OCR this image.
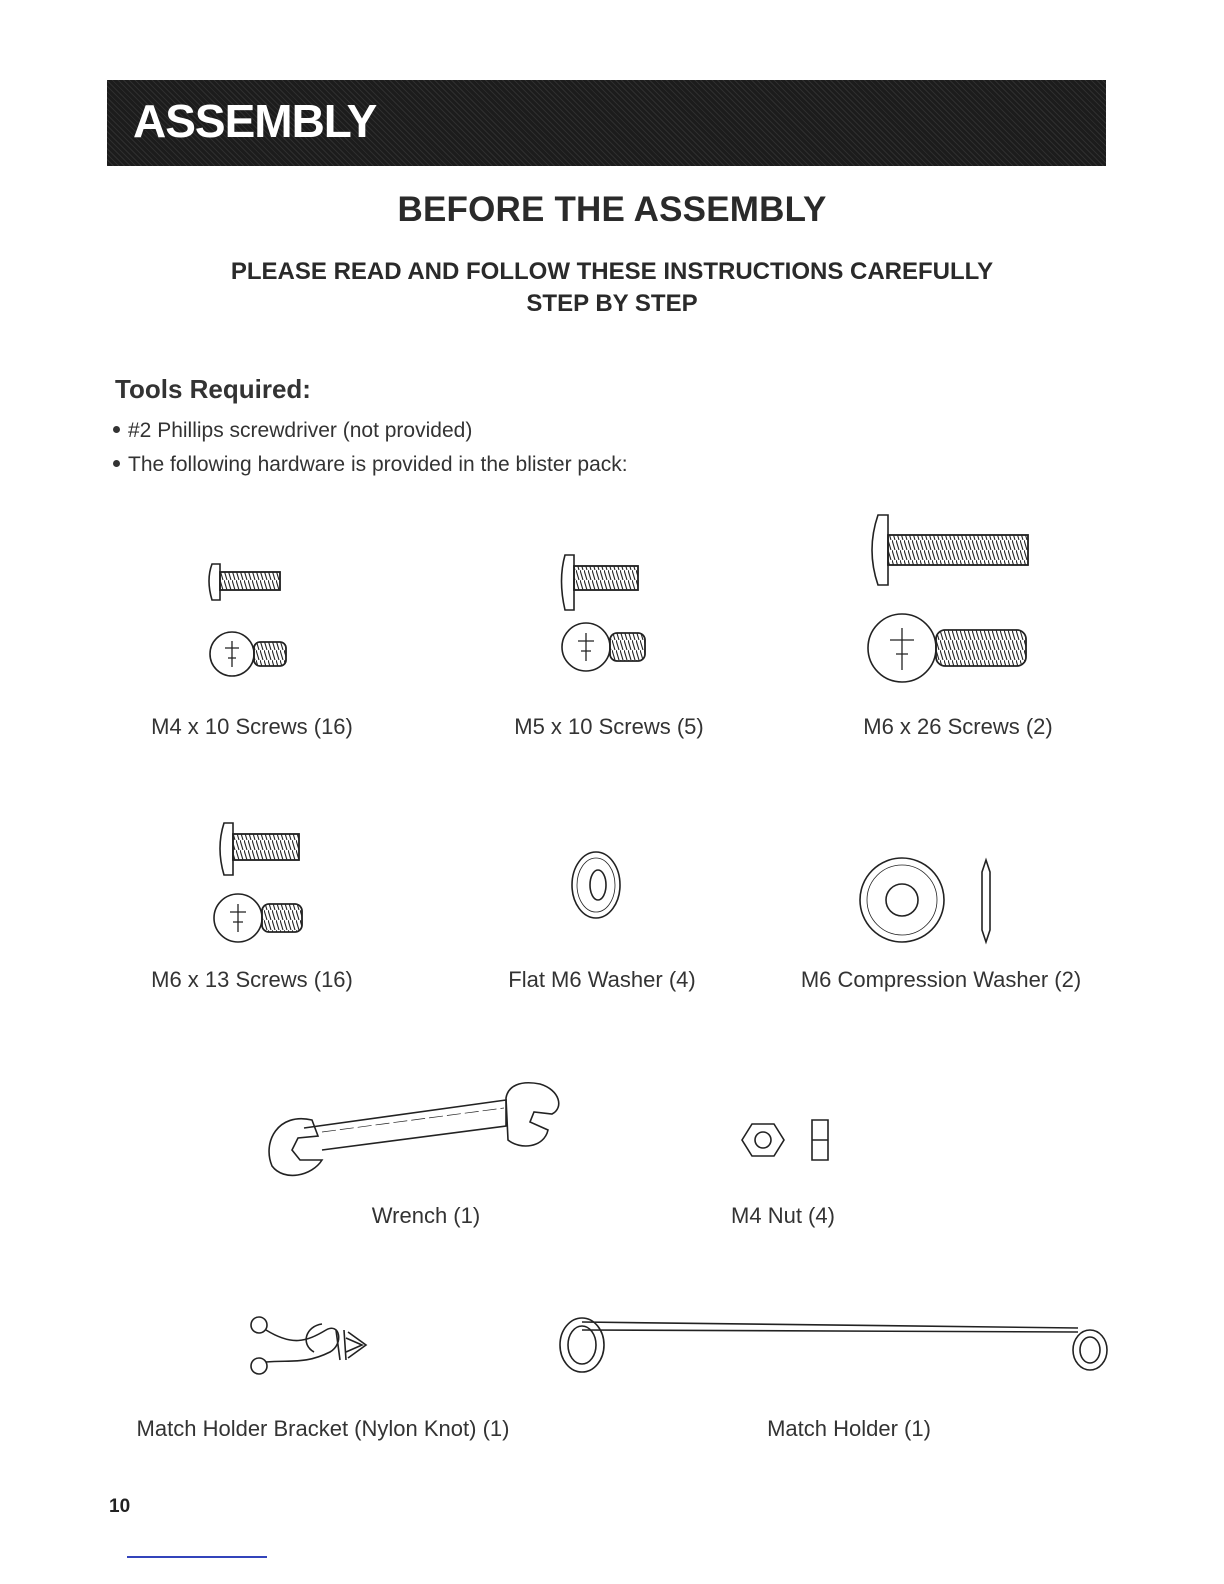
ASSEMBLY
BEFORE THE ASSEMBLY
PLEASE READ AND FOLLOW THESE INSTRUCTIONS CAREFULLY
STEP BY STEP
Tools Required:
#2 Phillips screwdriver (not provided)
The following hardware is provided in the blister pack:
M4 x 10 Screws (16)	M5 x 10 Screws (5)	M6 x 26 Screws (2)
M6 x 13 Screws (16)	Flat M6 Washer (4)	M6 Compression Washer (2)
Wrench (1)	M4 Nut (4)
Match Holder Bracket (Nylon Knot) (1)	Match Holder (1)
10
